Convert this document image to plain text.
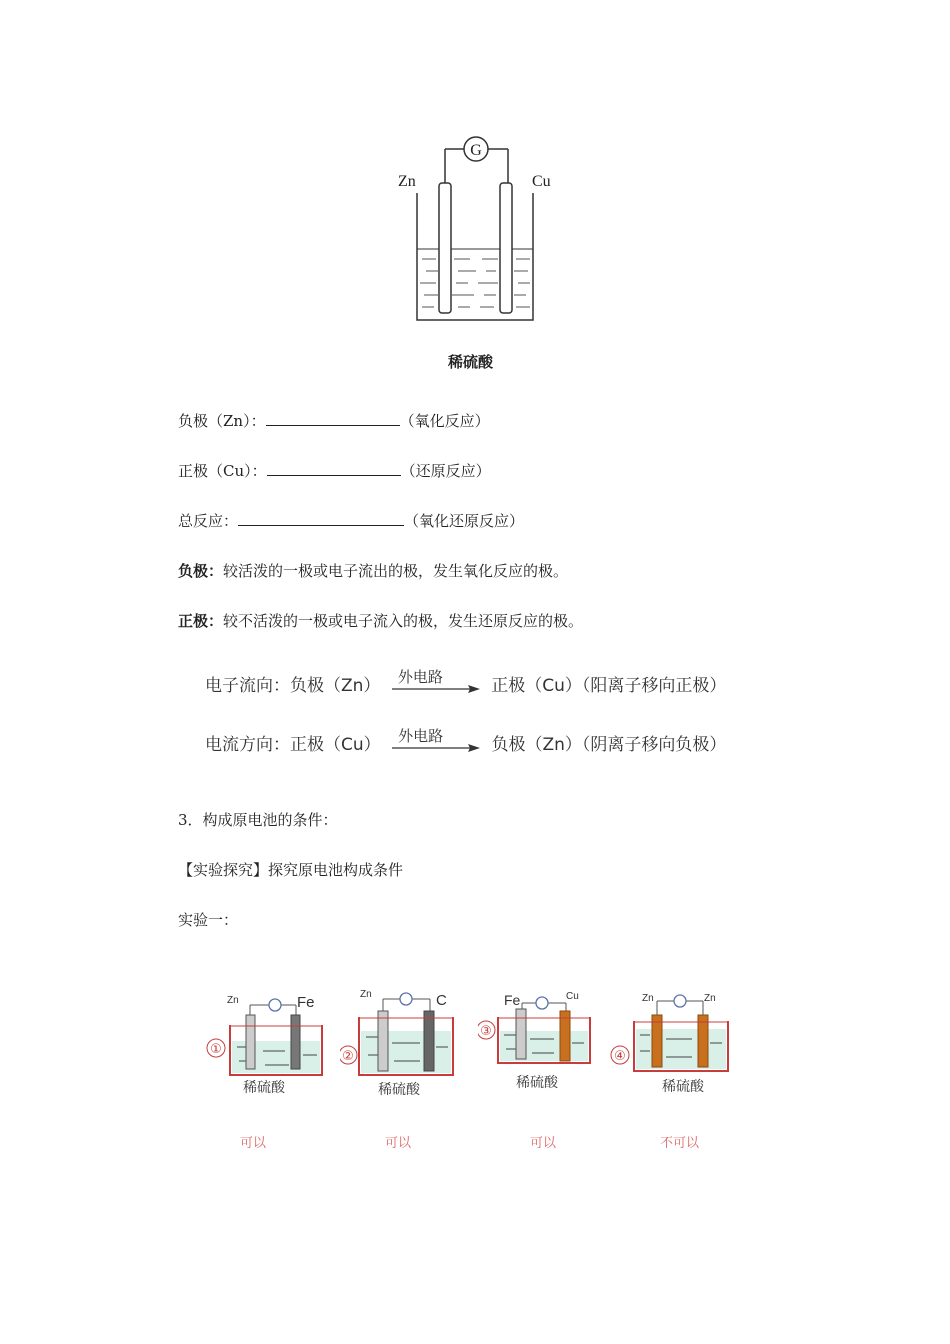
G
Zn	Cu
稀硫酸
负极（Zn）：	（氧化反应）
正极（Cu）：	（还原反应）
总反应：	（氧化还原反应）
负极：较活泼的一极或电子流出的极，发生氧化反应的极。
正极：较不活泼的一极或电子流入的极，发生还原反应的极。
电子流向：负极（Zn） 外电路	正极（Cu）（阳离子移向正极）
电流方向：正极（Cu） 外电路	负极（Zn）（阴离子移向负极）
3．构成原电池的条件：
【实验探究】探究原电池构成条件
实验一：
Zn	Fe
①
稀硫酸
可以
Zn	C
②
稀硫酸
可以
Fe	Cu
③
稀硫酸
可以
Zn	Zn
④
稀硫酸
不可以
